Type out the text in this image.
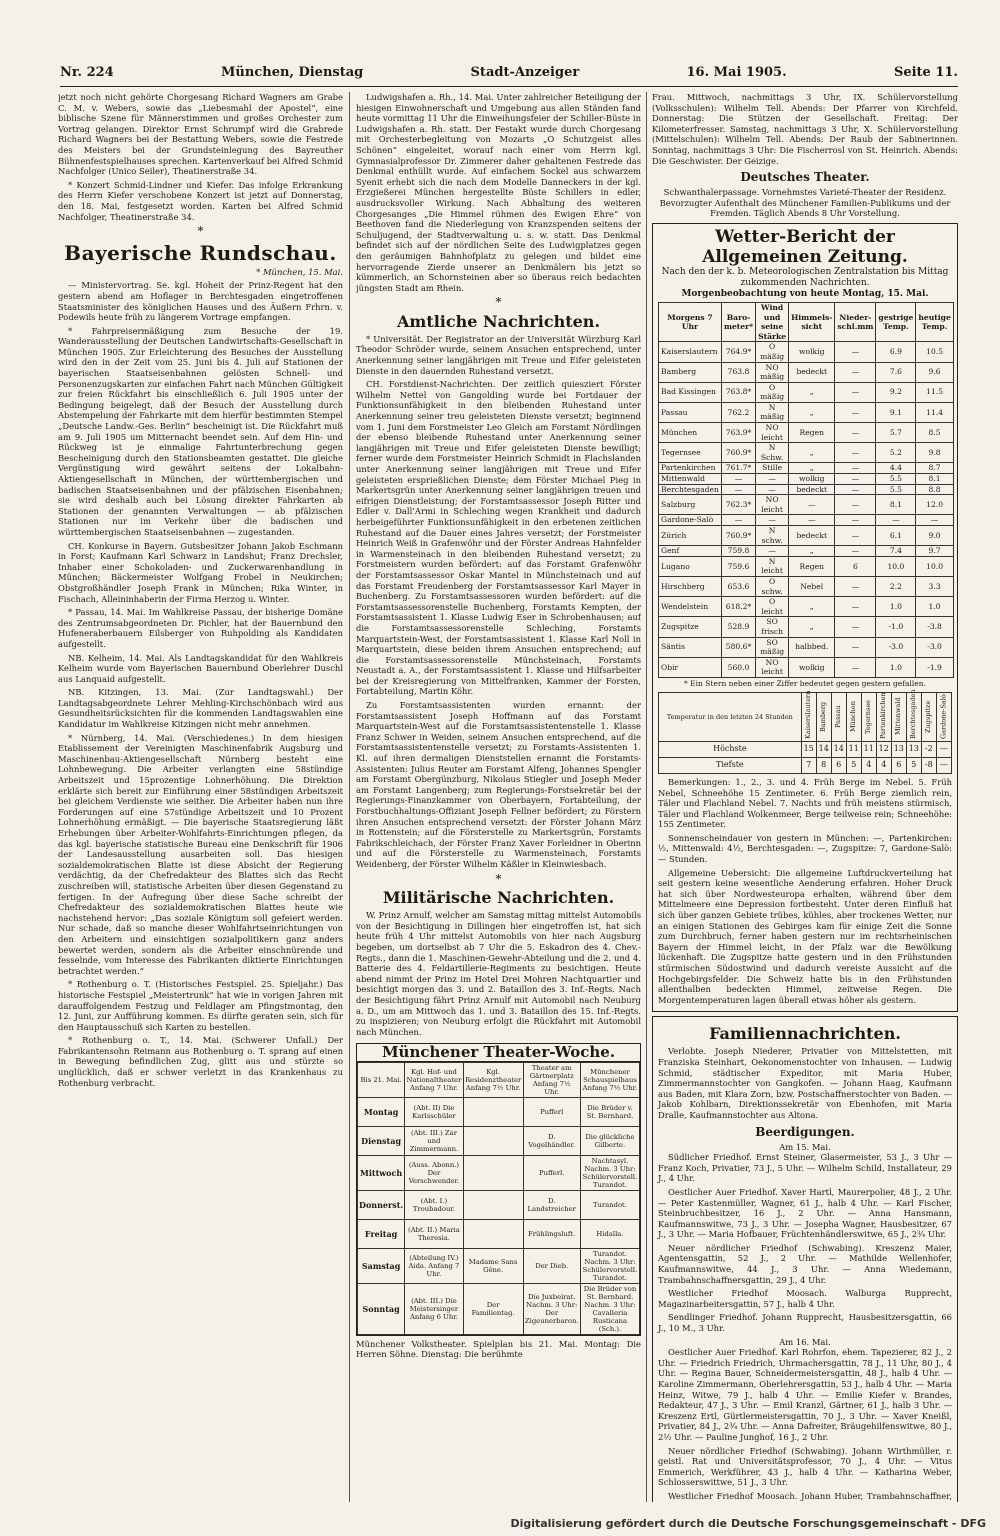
Nr. 224	München, Dienstag	Stadt-Anzeiger	16. Mai 1905.	Seite 11.

jetzt noch nicht gehörte Chorgesang Richard Wagners am Grabe C. M. v. Webers, sowie das „Liebesmahl der Apostel“, eine biblische Szene für Männerstimmen und großes Orchester zum Vortrag gelangen. Direktor Ernst Schrumpf wird die Grabrede Richard Wagners bei der Bestattung Webers, sowie die Festrede des Meisters bei der Grundsteinlegung des Bayreuther Bühnenfestspielhauses sprechen. Kartenverkauf bei Alfred Schmid Nachfolger (Unico Seiler), Theatinerstraße 34.

* Konzert Schmid-Lindner und Kiefer. Das infolge Erkrankung des Herrn Kiefer verschobene Konzert ist jetzt auf Donnerstag, den 18. Mai, festgesetzt worden. Karten bei Alfred Schmid Nachfolger, Theatinerstraße 34.

*
Bayerische Rundschau.
* München, 15. Mai.

— Ministervortrag. Se. kgl. Hoheit der Prinz-Regent hat den gestern abend am Hoflager in Berchtesgaden eingetroffenen Staatsminister des königlichen Hauses und des Äußern Frhrn. v. Podewils heute früh zu längerem Vortrage empfangen.

* Fahrpreisermäßigung zum Besuche der 19. Wanderausstellung der Deutschen Landwirtschafts-Gesellschaft in München 1905. Zur Erleichterung des Besuches der Ausstellung wird den in der Zeit vom 25. Juni bis 4. Juli auf Stationen der bayerischen Staatseisenbahnen gelösten Schnell- und Personenzugskarten zur einfachen Fahrt nach München Gültigkeit zur freien Rückfahrt bis einschließlich 6. Juli 1905 unter der Bedingung beigelegt, daß der Besuch der Ausstellung durch Abstempelung der Fahrkarte mit dem hierfür bestimmten Stempel „Deutsche Landw.-Ges. Berlin“ bescheinigt ist. Die Rückfahrt muß am 9. Juli 1905 um Mitternacht beendet sein. Auf dem Hin- und Rückweg ist je einmalige Fahrtunterbrechung gegen Bescheinigung durch den Stationsbeamten gestattet. Die gleiche Vergünstigung wird gewährt seitens der Lokalbahn-Aktiengesellschaft in München, der württembergischen und badischen Staatseisenbahnen und der pfälzischen Eisenbahnen; sie wird deshalb auch bei Lösung direkter Fahrkarten ab Stationen der genannten Verwaltungen — ab pfälzischen Stationen nur im Verkehr über die badischen und württembergischen Staatseisenbahnen — zugestanden.

CH. Konkurse in Bayern. Gutsbesitzer Johann Jakob Eschmann in Forst; Kaufmann Karl Schwarz in Landshut; Franz Drechsler, Inhaber einer Schokoladen- und Zuckerwarenhandlung in München; Bäckermeister Wolfgang Frobel in Neukirchen; Obstgroßhändler Joseph Frank in München; Rika Winter, in Fischach, Alleininhaberin der Firma Herzog u. Winter.

* Passau, 14. Mai. Im Wahlkreise Passau, der bisherige Domäne des Zentrumsabgeordneten Dr. Pichler, hat der Bauernbund den Hufeneraberbauern Eilsberger von Ruhpolding als Kandidaten aufgestellt.

NB. Kelheim, 14. Mai. Als Landtagskandidat für den Wahlkreis Kelheim wurde vom Bayerischen Bauernbund Oberlehrer Duschl aus Lanquaid aufgestellt.

NB. Kitzingen, 13. Mai. (Zur Landtagswahl.) Der Landtagsabgeordnete Lehrer Mehling-Kirchschönbach wird aus Gesundheitsrücksichten für die kommenden Landtagswahlen eine Kandidatur im Wahlkreise Kitzingen nicht mehr annehmen.

* Nürnberg, 14. Mai. (Verschiedenes.) In dem hiesigen Etablissement der Vereinigten Maschinenfabrik Augsburg und Maschinenbau-Aktiengesellschaft Nürnberg besteht eine Lohnbewegung. Die Arbeiter verlangten eine 58stündige Arbeitszeit und 15prozentige Lohnerhöhung. Die Direktion erklärte sich bereit zur Einführung einer 58stündigen Arbeitszeit bei gleichem Verdienste wie seither. Die Arbeiter haben nun ihre Forderungen auf eine 57stündige Arbeitszeit und 10 Prozent Lohnerhöhung ermäßigt. — Die bayerische Staatsregierung läßt Erhebungen über Arbeiter-Wohlfahrts-Einrichtungen pflegen, da das kgl. bayerische statistische Bureau eine Denkschrift für 1906 der Landesausstellung ausarbeiten soll. Das hiesigen sozialdemokratischen Blatte ist diese Absicht der Regierung verdächtig, da der Chefredakteur des Blattes sich das Recht zuschreiben will, statistische Arbeiten über diesen Gegenstand zu fertigen. In der Aufregung über diese Sache schreibt der Chefredakteur des sozialdemokratischen Blattes heute wie nachstehend hervor: „Das soziale Königtum soll gefeiert werden. Nur schade, daß so manche dieser Wohlfahrtseinrichtungen von den Arbeitern und einsichtigen sozialpolitikern ganz anders bewertet werden, sondern als die Arbeiter einschnürende und fesselnde, vom Interesse des Fabrikanten diktierte Einrichtungen betrachtet werden.“

* Rothenburg o. T. (Historisches Festspiel. 25. Spieljahr.) Das historische Festspiel „Meistertrunk“ hat wie in vorigen Jahren mit darauffolgendem Festzug und Feldlager am Pfingstmontag, den 12. Juni, zur Aufführung kommen. Es dürfte geraten sein, sich für den Hauptausschuß sich Karten zu bestellen.

* Rothenburg o. T., 14. Mai. (Schwerer Unfall.) Der Fabrikantensohn Reimann aus Rothenburg o. T. sprang auf einen in Bewegung befindlichen Zug, glitt aus und stürzte so unglücklich, daß er schwer verletzt in das Krankenhaus zu Rothenburg verbracht.

Ludwigshafen a. Rh., 14. Mai. Unter zahlreicher Beteiligung der hiesigen Einwohnerschaft und Umgebung aus allen Ständen fand heute vormittag 11 Uhr die Einweihungsfeier der Schiller-Büste in Ludwigshafen a. Rh. statt. Der Festakt wurde durch Chorgesang mit Orchesterbegleitung von Mozarts „O Schutzgeist alles Schönen“ eingeleitet, worauf nach einer vom Herrn kgl. Gymnasialprofessor Dr. Zimmerer daher gehaltenen Festrede das Denkmal enthüllt wurde. Auf einfachem Sockel aus schwarzem Syenit erhebt sich die nach dem Modelle Danneckers in der kgl. Erzgießerei München hergestellte Büste Schillers in edler, ausdrucksvoller Wirkung. Nach Abhaltung des weiteren Chorgesanges „Die Himmel rühmen des Ewigen Ehre“ von Beethoven fand die Niederlegung von Kranzspenden seitens der Schuljugend, der Stadtverwaltung u. s. w. statt. Das Denkmal befindet sich auf der nördlichen Seite des Ludwigplatzes gegen den geräumigen Bahnhofplatz zu gelegen und bildet eine hervorragende Zierde unserer an Denkmälern bis jetzt so kümmerlich, an Schornsteinen aber so überaus reich bedachten jüngsten Stadt am Rhein.

*
Amtliche Nachrichten.

* Universität. Der Registrator an der Universität Würzburg Karl Theodor Schröder wurde, seinem Ansuchen entsprechend, unter Anerkennung seiner langjährigen mit Treue und Eifer geleisteten Dienste in den dauernden Ruhestand versetzt.

CH. Forstdienst-Nachrichten. Der zeitlich quiesziert Förster Wilhelm Nettel von Gangolding wurde bei Fortdauer der Funktionsunfähigkeit in den bleibenden Ruhestand unter Anerkennung seiner treu geleisteten Dienste versetzt; beginnend vom 1. Juni dem Forstmeister Leo Gleich am Forstamt Nördlingen der ebenso bleibende Ruhestand unter Anerkennung seiner langjährigen mit Treue und Eifer geleisteten Dienste bewilligt; ferner wurde dem Forstmeister Heinrich Schmidt in Flachslanden unter Anerkennung seiner langjährigen mit Treue und Eifer geleisteten ersprießlichen Dienste; dem Förster Michael Pieg in Markertsgrün unter Anerkennung seiner langjährigen treuen und eifrigen Dienstleistung; der Forstamtsassessor Joseph Ritter und Edler v. Dall’Armi in Schleching wegen Krankheit und dadurch herbeigeführter Funktionsunfähigkeit in den erbetenen zeitlichen Ruhestand auf die Dauer eines Jahres versetzt; der Forstmeister Heinrich Weiß in Grafenwöhr und der Förster Andreas Hahnfelder in Warmensteinach in den bleibenden Ruhestand versetzt; zu Forstmeistern wurden befördert: auf das Forstamt Grafenwöhr der Forstamtsassessor Oskar Mantel in Münchsteinach und auf das Forstamt Freudenberg der Forstamtsassessor Karl Mayer in Buchenberg. Zu Forstamtsassessoren wurden befördert: auf die Forstamtsassessorenstelle Buchenberg, Forstamts Kempten, der Forstamtsassistent 1. Klasse Ludwig Eser in Schrobenhausen; auf die Forstamtsassessorenstelle Schleching, Forstamts Marquartstein-West, der Forstamtsassistent 1. Klasse Karl Noll in Marquartstein, diese beiden ihrem Ansuchen entsprechend; auf die Forstamtsassessorenstelle Münchsteinach, Forstamts Neustadt a. A., der Forstamtsassistent 1. Klasse und Hilfsarbeiter bei der Kreisregierung von Mittelfranken, Kammer der Forsten, Fortabteilung, Martin Köhr.

Zu Forstamtsassistenten wurden ernannt: der Forstamtsassistent Joseph Hoffmann auf das Forstamt Marquartstein-West auf die Forstamtsassistentenstelle 1. Klasse Franz Schwer in Weiden, seinem Ansuchen entsprechend, auf die Forstamtsassistentenstelle versetzt; zu Forstamts-Assistenten 1. Kl. auf ihren dermaligen Dienststellen ernannt die Forstamts-Assistenten: Julius Reuter am Forstamt Alfeng, Johannes Spengler am Forstamt Obergünzburg, Nikolaus Stiegler und Joseph Meder am Forstamt Langenberg; zum Regierungs-Forstsekretär bei der Regierungs-Finanzkammer von Oberbayern, Fortabteilung, der Forstbuchhaltungs-Offiziant Joseph Fellner befördert; zu Förstern ihren Ansuchen entsprechend versetzt: der Förster Johann März in Rottenstein; auf die Försterstelle zu Markertsgrün, Forstamts Fabrikschleichach, der Förster Franz Xaver Forleidner in Oberinn und auf die Försterstelle zu Warmensteinach, Forstamts Weidenberg, der Förster Wilhelm Käßler in Kleinwiesbach.

*
Militärische Nachrichten.

W. Prinz Arnulf, welcher am Samstag mittag mittelst Automobils von der Besichtigung in Dillingen hier eingetroffen ist, hat sich heute früh 4 Uhr mittelst Automobils von hier nach Augsburg begeben, um dortselbst ab 7 Uhr die 5. Eskadron des 4. Chev.-Regts., dann die 1. Maschinen-Gewehr-Abteilung und die 2. und 4. Batterie des 4. Feldartillerie-Regiments zu besichtigen. Heute abend nimmt der Prinz im Hotel Drei Mohren Nachtquartier und besichtigt morgen das 3. und 2. Bataillon des 3. Inf.-Regts. Nach der Besichtigung fährt Prinz Arnulf mit Automobil nach Neuburg a. D., um am Mittwoch das 1. und 3. Bataillon des 15. Inf.-Regts. zu inspizieren; von Neuburg erfolgt die Rückfahrt mit Automobil nach München.

Münchener Theater-Woche.
Bis 21. Mai.	Kgl. Hof- und Nationaltheater Anfang 7 Uhr.	Kgl. Residenztheater Anfang 7½ Uhr.	Theater am Gärtnerplatz Anfang 7½ Uhr.	Münchener Schauspielhaus Anfang 7½ Uhr.
Montag	(Abt. II) Die Karlsschüler		Pufferl	Die Brüder v. St. Bernhard.
Dienstag	(Abt. III.) Zar und Zimmermann.		D. Vogelhändler.	Die glückliche Gilberte.
Mittwoch	(Auss. Abonn.) Der Verschwender.		Pufferl.	Nachtasyl. Nachm. 3 Uhr: Schülervorstell. Turandot.
Donnerst.	(Abt. I.) Troubadour.		D. Landstreicher	Turandot.
Freitag	(Abt. II.) Maria Theresia.		Frühlingsluft.	Hidalla.
Samstag	(Abteilung IV.) Aida. Anfang 7 Uhr.	Madame Sans Gêne.	Der Dieb.	Turandot. Nachm. 3 Uhr: Schülervorstell. Turandot.
Sonntag	(Abt. III.) Die Meistersinger Anfang 6 Uhr.	Der Familientag.	Die Juxbeirat. Nachm. 3 Uhr: Der Zigeunerbaron.	Die Brüder von St. Bernhard. Nachm. 3 Uhr: Cavalleria Rusticana (Sch.).

Münchener Volkstheater. Spielplan bis 21. Mai. Montag: Die Herren Söhne. Dienstag: Die berühmte

Frau. Mittwoch, nachmittags 3 Uhr, IX. Schülervorstellung (Volksschulen): Wilhelm Tell. Abends: Der Pfarrer von Kirchfeld. Donnerstag: Die Stützen der Gesellschaft. Freitag: Der Kilometerfresser. Samstag, nachmittags 3 Uhr, X. Schülervorstellung (Mittelschulen): Wilhelm Tell. Abends: Der Raub der Sabinerinnen. Sonntag, nachmittags 3 Uhr: Die Fischerrosl von St. Heinrich. Abends: Die Geschwister. Der Geizige.

Deutsches Theater.

Schwanthalerpassage. Vornehmstes Varieté-Theater der Residenz. Bevorzugter Aufenthalt des Münchener Familien-Publikums und der Fremden. Täglich Abends 8 Uhr Vorstellung.

Wetter-Bericht der Allgemeinen Zeitung.
Nach den der k. b. Meteorologischen Zentralstation bis Mittag zukommenden Nachrichten.
Morgenbeobachtung von heute Montag, 15. Mai.
Morgens 7 Uhr	Baro-meter*	Wind und seine Stärke	Himmels-sicht	Nieder-schl.mm	gestrige Temp.	heutige Temp.
Kaiserslautern	764.9*	O mäßig	wolkig	—	6.9	10.5
Bamberg	763.8	NO mäßig	bedeckt	—	7.6	9.6
Bad Kissingen	763.8*	O mäßig	„	—	9.2	11.5
Passau	762.2	N mäßig	„	—	9.1	11.4
München	763.9*	NO leicht	Regen	—	5.7	8.5
Tegernsee	760.9*	N Schw.	„	—	5.2	9.8
Partenkirchen	761.7*	Stille	„	—	4.4	8.7
Mittenwald	—	—	wolkig	—	5.5	8.1
Berchtesgaden	—	—	bedeckt	—	5.5	8.8
Salzburg	762.3*	NO leicht	—	—	8.1	12.0
Gardone-Salò	—	—	—	—	—	—
Zürich	760.9*	N schw.	bedeckt	—	6.1	9.0
Genf	759.8	—	„	—	7.4	9.7
Lugano	759.6	N leicht	Regen	6	10.0	10.0
Hirschberg	653.6	O schw.	Nebel	—	2.2	3.3
Wendelstein	618.2*	O leicht	„	—	1.0	1.0
Zugspitze	528.9	SO frisch	„	—	-1.0	-3.8
Säntis	580.6*	SO mäßig	halbbed.	—	-3.0	-3.0
Obir	560.0	NO leicht	wolkig	—	1.0	-1.9
* Ein Stern neben einer Ziffer bedeutet gegen gestern gefallen.
Temperatur in den letzten 24 Stunden	Kaiserslautern	Bamberg	Passau	München	Tegernsee	Partenkirchen	Mittenwald	Berchtesgaden	Zugspitze	Gardone-Salò
Höchste	15	14	14	11	11	12	13	13	-2	—
Tiefste	7	8	6	5	4	4	6	5	-8	—

Bemerkungen: 1., 2., 3. und 4. Früh Berge im Nebel. 5. Früh Nebel, Schneehöhe 15 Zentimeter. 6. Früh Berge ziemlich rein, Täler und Flachland Nebel. 7. Nachts und früh meistens stürmisch, Täler und Flachland Wolkenmeer, Berge teilweise rein; Schneehöhe: 155 Zentimeter.

Sonnenscheindauer von gestern in München: —, Partenkirchen: ½, Mittenwald: 4½, Berchtesgaden: —, Zugspitze: 7, Gardone-Salò: — Stunden.

Allgemeine Uebersicht: Die allgemeine Luftdruckverteilung hat seit gestern keine wesentliche Aenderung erfahren. Hoher Druck hat sich über Nordwesteuropa erhalten, während über dem Mittelmeere eine Depression fortbesteht. Unter deren Einfluß hat sich über ganzen Gebiete trübes, kühles, aber trockenes Wetter, nur an einigen Stationen des Gebirges kam für einige Zeit die Sonne zum Durchbruch, ferner haben gestern nur im rechtsrheinischen Bayern der Himmel leicht, in der Pfalz war die Bewölkung lückenhaft. Die Zugspitze hatte gestern und in den Frühstunden stürmischen Südostwind und dadurch vereiste Aussicht auf die Hochgebirgsfelder. Die Schweiz hatte bis in den Frühstunden allenthalben bedeckten Himmel, zeitweise Regen. Die Morgentemperaturen lagen überall etwas höher als gestern.

Familiennachrichten.

Verlobte. Joseph Niederer, Privatier von Mittelstetten, mit Franziska Steinhart, Oekonomenstochter von Inhausen. — Ludwig Schmid, städtischer Expeditor, mit Maria Huber, Zimmermannstochter von Gangkofen. — Johann Haag, Kaufmann aus Baden, mit Klara Zorn, bzw. Postschaffnerstochter von Baden. — Jakob Kohlbarn, Direktionssekretär von Ebenhofen, mit Maria Dralle, Kaufmannstochter aus Altona.

Beerdigungen.
Am 15. Mai.

Südlicher Friedhof. Ernst Steiner, Glasermeister, 53 J., 3 Uhr — Franz Koch, Privatier, 73 J., 5 Uhr. — Wilhelm Schild, Installateur, 29 J., 4 Uhr.

Oestlicher Auer Friedhof. Xaver Hartl, Maurerpolier, 48 J., 2 Uhr. — Peter Kastenmüller, Wagner, 61 J., halb 4 Uhr. — Karl Fischer, Steinbruchbesitzer, 16 J., 2 Uhr. — Anna Hansmann, Kaufmannswitwe, 73 J., 3 Uhr. — Josepha Wagner, Hausbesitzer, 67 J., 3 Uhr. — Maria Hofbauer, Früchtenhändlerswitwe, 65 J., 2¾ Uhr.

Neuer nördlicher Friedhof (Schwabing). Kreszenz Maier, Agentensgattin, 52 J., 2 Uhr. — Mathilde Wellenhofer, Kaufmannswitwe, 44 J., 3 Uhr. — Anna Wiedemann, Trambahnschaffnersgattin, 29 J., 4 Uhr.

Westlicher Friedhof Moosach. Walburga Rupprecht, Magazinarbeitersgattin, 57 J., halb 4 Uhr.

Sendlinger Friedhof. Johann Rupprecht, Hausbesitzersgattin, 66 J., 10 M., 3 Uhr.

Am 16. Mai.

Oestlicher Auer Friedhof. Karl Rohrfon, ehem. Tapezierer, 82 J., 2 Uhr. — Friedrich Friedrich, Uhrmachersgattin, 78 J., 11 Uhr, 80 J., 4 Uhr. — Regina Bauer, Schneidermeistersgattin, 48 J., halb 4 Uhr. — Karoline Zimmermann, Oberlehrersgattin, 53 J., halb 4 Uhr. — Maria Heinz, Witwe, 79 J., halb 4 Uhr. — Emilie Kiefer v. Brandes, Redakteur, 47 J., 3 Uhr. — Emil Kranzl, Gärtner, 61 J., halb 3 Uhr. — Kreszenz Ertl, Gürtlermeistersgattin, 70 J., 3 Uhr. — Xaver Kneißl, Privatier, 84 J., 2¾ Uhr. — Anna Dafreiter, Bräugehilfenswitwe, 80 J., 2½ Uhr. — Pauline Junghof, 16 J., 2 Uhr.

Neuer nördlicher Friedhof (Schwabing). Johann Wirthmüller, r. geistl. Rat und Universitätsprofessor, 70 J., 4 Uhr. — Vitus Emmerich, Werkführer, 43 J., halb 4 Uhr. — Katharina Weber, Schlosserswittwe, 51 J., 3 Uhr.

Westlicher Friedhof Moosach. Johann Huber, Trambahnschaffner,

Digitalisierung gefördert durch die Deutsche Forschungsgemeinschaft - DFG
